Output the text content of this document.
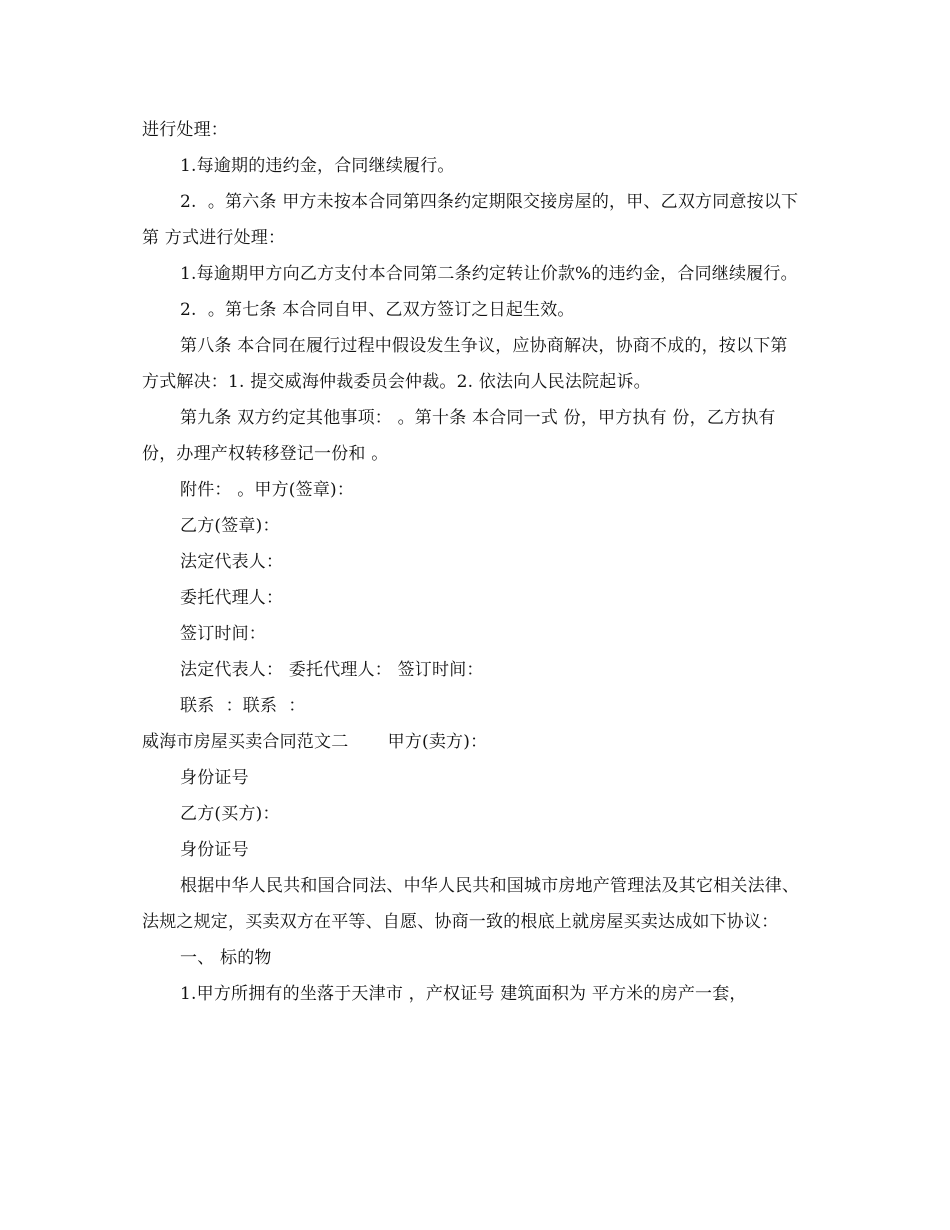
进行处理：

1.每逾期的违约金，合同继续履行。

2.  。第六条 甲方未按本合同第四条约定期限交接房屋的，甲、乙双方同意按以下第 方式进行处理：

1.每逾期甲方向乙方支付本合同第二条约定转让价款%的违约金，合同继续履行。

2.  。第七条 本合同自甲、乙双方签订之日起生效。

第八条 本合同在履行过程中假设发生争议，应协商解决，协商不成的，按以下第 方式解决：1. 提交威海仲裁委员会仲裁。2. 依法向人民法院起诉。

第九条 双方约定其他事项： 。第十条 本合同一式 份，甲方执有 份，乙方执有 份，办理产权转移登记一份和 。

附件： 。甲方(签章)：

乙方(签章)：

法定代表人：

委托代理人：

签订时间：

法定代表人： 委托代理人： 签订时间：

联系  ：联系  ：

威海市房屋买卖合同范文二       甲方(卖方)：

身份证号

乙方(买方)：

身份证号

根据中华人民共和国合同法、中华人民共和国城市房地产管理法及其它相关法律、法规之规定，买卖双方在平等、自愿、协商一致的根底上就房屋买卖达成如下协议：

一、 标的物

1.甲方所拥有的坐落于天津市 ，产权证号 建筑面积为 平方米的房产一套，
